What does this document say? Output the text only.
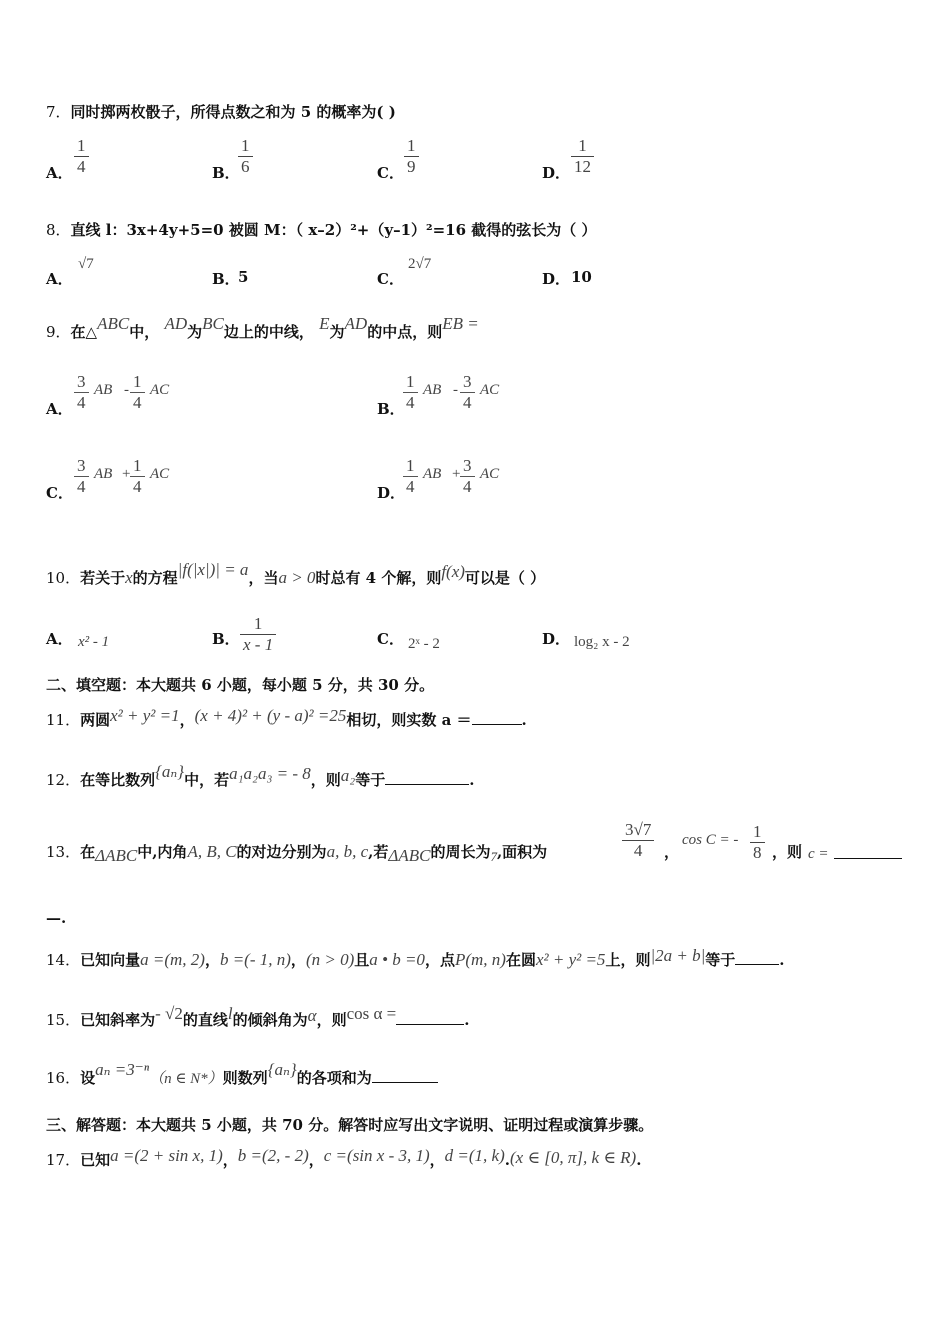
7．同时掷两枚骰子，所得点数之和为 5 的概率为( )
A． $\frac{1}{4}$	B．
$\frac{1}{6}$	C． $\frac{1}{9}$	D． $\frac{1}{12}$
8．直线 l：3x+4y+5=0 被圆 M：（ x–2）²+（y–1）²=16 截得的弦长为（ ）
A．
√7
B．
5	C．
2√7
D． 10
9．在△ABC中， AD为BC边上的中线， E为AD的中点，则EB =
A． $\frac{3}{4}$ AB - $\frac{1}{4}$ AC
B．
$\frac{1}{4}$ AB - $\frac{3}{4}$ AC
C． $\frac{3}{4}$ AB + $\frac{1}{4}$ AC
D．
$\frac{1}{4}$ AB + $\frac{3}{4}$ AC
10．若关于x的方程|f(|x|)| = a，当a > 0时总有 4 个解，则f(x)可以是（ ）
A． x² - 1	B． $\frac{1}{x - 1}$	C． 2ˣ - 2	D． log₂ x - 2
二、填空题：本大题共 6 小题，每小题 5 分，共 30 分。
11．两圆x² + y² =1，(x + 4)² + (y - a)² =25相切，则实数 a ＝	.
12．在等比数列{aₙ}中，若a₁a₂a₃ = - 8，则a₂等于	.
13．在ΔABC中,内角A, B, C的对边分别为a, b, c,若ΔABC的周长为7,面积为	$\frac{3√7}{4}$ ，
cos C = - $\frac{1}{8}$ ，则 c =
—.
14．已知向量a =(m, 2)，b =(- 1, n)，(n > 0)且a • b =0，点P(m, n)在圆x² + y² =5上，则|2a + b|等于	.
15．已知斜率为- √2的直线l的倾斜角为α，则cos α =	.
16．设aₙ =3⁻ⁿ（n ∈ N*）则数列{aₙ}的各项和为
三、解答题：本大题共 5 小题，共 70 分。解答时应写出文字说明、证明过程或演算步骤。
17．已知a =(2 + sin x, 1)，b =(2, - 2)，c =(sin x - 3, 1)，d =(1, k).(x ∈ [0, π], k ∈ R).
